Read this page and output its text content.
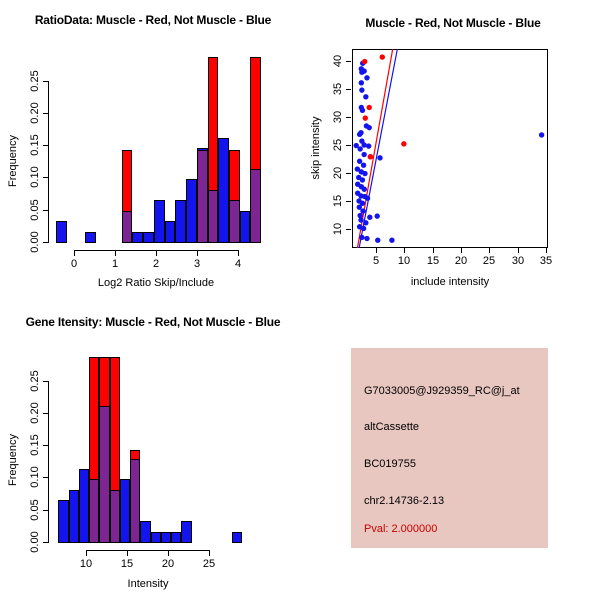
RatioData: Muscle - Red, Not Muscle - Blue
Frequency
Log2 Ratio Skip/Include
0.00
0.05
0.10
0.15
0.20
0.25
0	1	2	3	4
Muscle - Red, Not Muscle - Blue
skip intensity
include intensity
5 10 15 20 25 30 35
10
15
20
25
30
35
40
Gene Itensity: Muscle - Red, Not Muscle - Blue
Frequency
Intensity
0.00
0.05
0.10
0.15
0.20
0.25
10	15	20	25
G7033005@J929359_RC@j_at
altCassette
BC019755
chr2.14736-2.13
Pval: 2.000000
